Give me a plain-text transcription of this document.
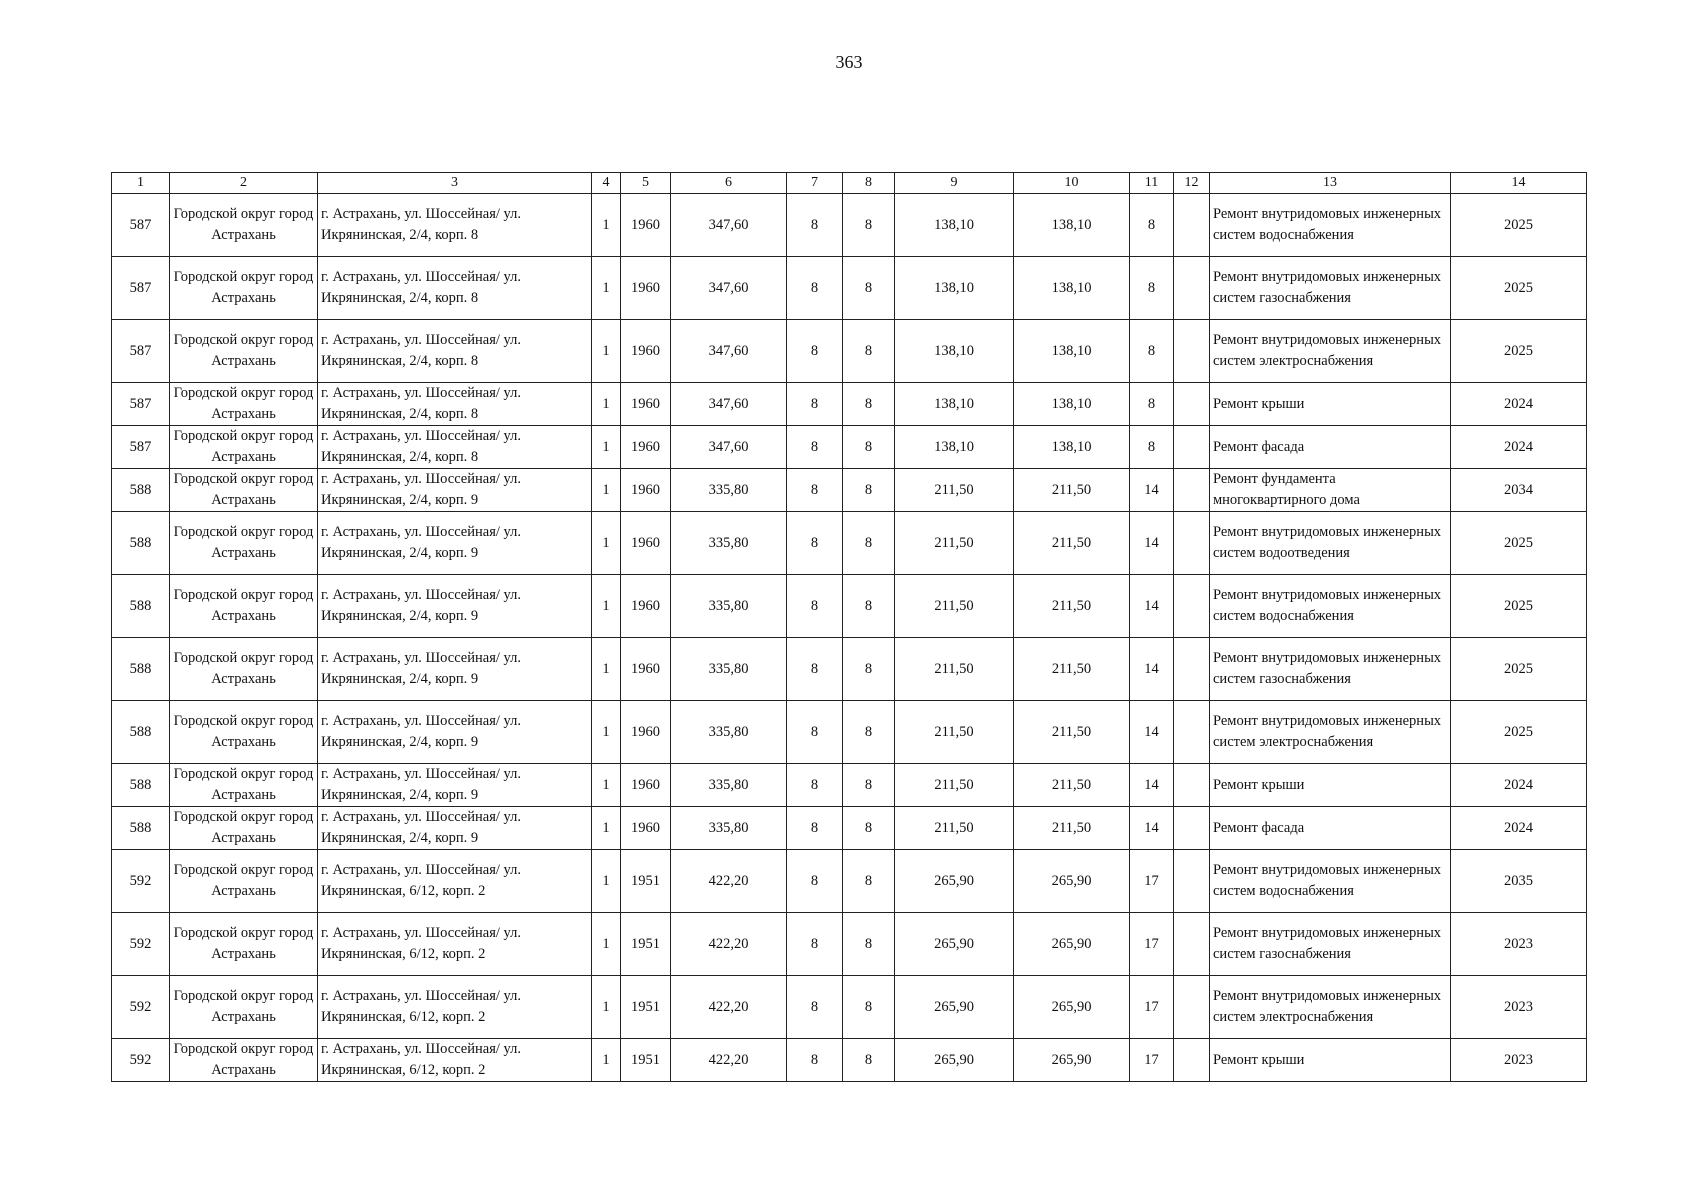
363
1	2	3	4	5	6	7	8	9	10	11	12	13	14
587	Городской округ город Астрахань	г. Астрахань, ул. Шоссейная/ ул. Икрянинская, 2/4, корп. 8	1	1960	347,60	8	8	138,10	138,10	8		Ремонт внутридомовых инженерных систем водоснабжения	2025
587	Городской округ город Астрахань	г. Астрахань, ул. Шоссейная/ ул. Икрянинская, 2/4, корп. 8	1	1960	347,60	8	8	138,10	138,10	8		Ремонт внутридомовых инженерных систем газоснабжения	2025
587	Городской округ город Астрахань	г. Астрахань, ул. Шоссейная/ ул. Икрянинская, 2/4, корп. 8	1	1960	347,60	8	8	138,10	138,10	8		Ремонт внутридомовых инженерных систем электроснабжения	2025
587	Городской округ город Астрахань	г. Астрахань, ул. Шоссейная/ ул. Икрянинская, 2/4, корп. 8	1	1960	347,60	8	8	138,10	138,10	8		Ремонт крыши	2024
587	Городской округ город Астрахань	г. Астрахань, ул. Шоссейная/ ул. Икрянинская, 2/4, корп. 8	1	1960	347,60	8	8	138,10	138,10	8		Ремонт фасада	2024
588	Городской округ город Астрахань	г. Астрахань, ул. Шоссейная/ ул. Икрянинская, 2/4, корп. 9	1	1960	335,80	8	8	211,50	211,50	14		Ремонт фундамента многоквартирного дома	2034
588	Городской округ город Астрахань	г. Астрахань, ул. Шоссейная/ ул. Икрянинская, 2/4, корп. 9	1	1960	335,80	8	8	211,50	211,50	14		Ремонт внутридомовых инженерных систем водоотведения	2025
588	Городской округ город Астрахань	г. Астрахань, ул. Шоссейная/ ул. Икрянинская, 2/4, корп. 9	1	1960	335,80	8	8	211,50	211,50	14		Ремонт внутридомовых инженерных систем водоснабжения	2025
588	Городской округ город Астрахань	г. Астрахань, ул. Шоссейная/ ул. Икрянинская, 2/4, корп. 9	1	1960	335,80	8	8	211,50	211,50	14		Ремонт внутридомовых инженерных систем газоснабжения	2025
588	Городской округ город Астрахань	г. Астрахань, ул. Шоссейная/ ул. Икрянинская, 2/4, корп. 9	1	1960	335,80	8	8	211,50	211,50	14		Ремонт внутридомовых инженерных систем электроснабжения	2025
588	Городской округ город Астрахань	г. Астрахань, ул. Шоссейная/ ул. Икрянинская, 2/4, корп. 9	1	1960	335,80	8	8	211,50	211,50	14		Ремонт крыши	2024
588	Городской округ город Астрахань	г. Астрахань, ул. Шоссейная/ ул. Икрянинская, 2/4, корп. 9	1	1960	335,80	8	8	211,50	211,50	14		Ремонт фасада	2024
592	Городской округ город Астрахань	г. Астрахань, ул. Шоссейная/ ул. Икрянинская, 6/12, корп. 2	1	1951	422,20	8	8	265,90	265,90	17		Ремонт внутридомовых инженерных систем водоснабжения	2035
592	Городской округ город Астрахань	г. Астрахань, ул. Шоссейная/ ул. Икрянинская, 6/12, корп. 2	1	1951	422,20	8	8	265,90	265,90	17		Ремонт внутридомовых инженерных систем газоснабжения	2023
592	Городской округ город Астрахань	г. Астрахань, ул. Шоссейная/ ул. Икрянинская, 6/12, корп. 2	1	1951	422,20	8	8	265,90	265,90	17		Ремонт внутридомовых инженерных систем электроснабжения	2023
592	Городской округ город Астрахань	г. Астрахань, ул. Шоссейная/ ул. Икрянинская, 6/12, корп. 2	1	1951	422,20	8	8	265,90	265,90	17		Ремонт крыши	2023
